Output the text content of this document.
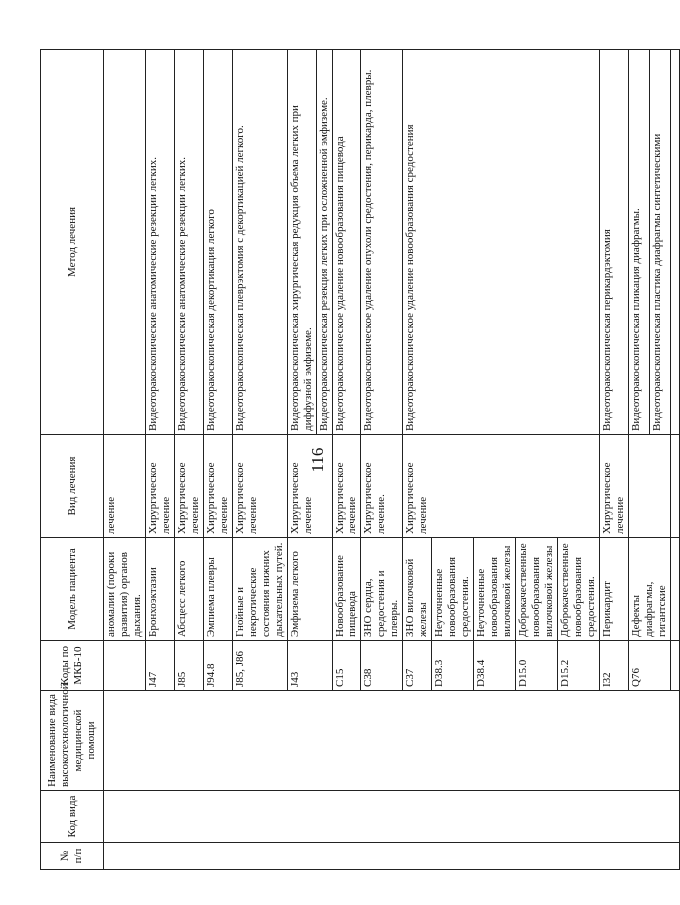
116
№ п/п	Код вида	Наименование вида высокотехнологичной медицинской помощи	Коды по МКБ-10	Модель пациента	Вид лечения	Метод лечения
				аномалии (пороки развития) органов дыхания.	лечение	
			J47	Бронхоэктазии	Хирургическое лечение	Видеоторакоскопические анатомические резекции легких.
			J85	Абсцесс легкого	Хирургическое лечение	Видеоторакоскопические анатомические резекции легких.
			J94.8	Эмпиема плевры	Хирургическое лечение	Видеоторакоскопическая декортикация легкого
			J85, J86	Гнойные и некротические состояния нижних дыхательных путей.	Хирургическое лечение	Видеоторакоскопическая плеврэктомия с декортикацией легкого.
			J43	Эмфизема легкого	Хирургическое лечение	Видеоторакоскопическая хирургическая редукция объема легких при диффузной эмфиземе.
						Видеоторакоскопическая резекция легких при осложненной эмфиземе.
			C15	Новообразование пищевода	Хирургическое лечение	Видеоторакоскопическое удаление новообразования пищевода
			C38	ЗНО сердца, средостения и плевры.	Хирургическое лечение.	Видеоторакоскопическое удаление опухоли средостения, перикарда, плевры.
			C37	ЗНО вилочковой железы	Хирургическое лечение	Видеоторакоскопическое удаление новообразования средостения
			D38.3	Неуточненные новообразования средостения.		
			D38.4	Неуточненные новообразования вилочковой железы		
			D15.0	Доброкачественные новообразования вилочковой железы		
			D15.2	Доброкачественные новообразования средостения.		
			I32	Перикардит	Хирургическое лечение	Видеоторакоскопическая перикардэктомия
			Q76	Дефекты диафрагмы, гигантские		Видеоторакоскопическая пликация диафрагмы.
						Видеоторакоскопическая пластика диафрагмы синтетическими
